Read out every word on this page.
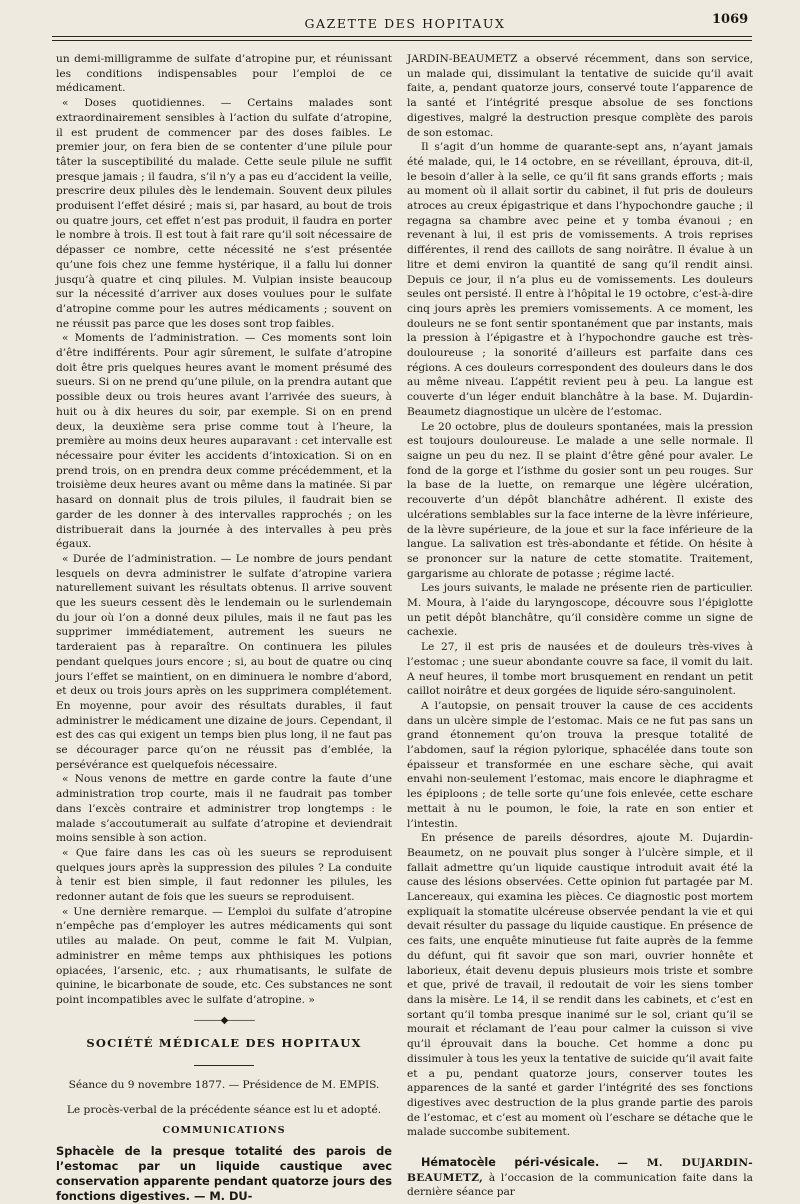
GAZETTE DES HOPITAUX	1069

un demi-milligramme de sulfate d’atropine pur, et réunissant les conditions indispensables pour l’emploi de ce médicament.

« Doses quotidiennes. — Certains malades sont extraordinairement sensibles à l’action du sulfate d’atropine, il est prudent de commencer par des doses faibles. Le premier jour, on fera bien de se contenter d’une pilule pour tâter la susceptibilité du malade. Cette seule pilule ne suffit presque jamais ; il faudra, s’il n’y a pas eu d’accident la veille, prescrire deux pilules dès le lendemain. Souvent deux pilules produisent l’effet désiré ; mais si, par hasard, au bout de trois ou quatre jours, cet effet n’est pas produit, il faudra en porter le nombre à trois. Il est tout à fait rare qu’il soit nécessaire de dépasser ce nombre, cette nécessité ne s’est présentée qu’une fois chez une femme hystérique, il a fallu lui donner jusqu’à quatre et cinq pilules. M. Vulpian insiste beaucoup sur la nécessité d’arriver aux doses voulues pour le sulfate d’atropine comme pour les autres médicaments ; souvent on ne réussit pas parce que les doses sont trop faibles.

« Moments de l’administration. — Ces moments sont loin d’être indifférents. Pour agir sûrement, le sulfate d’atropine doit être pris quelques heures avant le moment présumé des sueurs. Si on ne prend qu’une pilule, on la prendra autant que possible deux ou trois heures avant l’arrivée des sueurs, à huit ou à dix heures du soir, par exemple. Si on en prend deux, la deuxième sera prise comme tout à l’heure, la première au moins deux heures auparavant : cet intervalle est nécessaire pour éviter les accidents d’intoxication. Si on en prend trois, on en prendra deux comme précédemment, et la troisième deux heures avant ou même dans la matinée. Si par hasard on donnait plus de trois pilules, il faudrait bien se garder de les donner à des intervalles rapprochés ; on les distribuerait dans la journée à des intervalles à peu près égaux.

« Durée de l’administration. — Le nombre de jours pendant lesquels on devra administrer le sulfate d’atropine variera naturellement suivant les résultats obtenus. Il arrive souvent que les sueurs cessent dès le lendemain ou le surlendemain du jour où l’on a donné deux pilules, mais il ne faut pas les supprimer immédiatement, autrement les sueurs ne tarderaient pas à reparaître. On continuera les pilules pendant quelques jours encore ; si, au bout de quatre ou cinq jours l’effet se maintient, on en diminuera le nombre d’abord, et deux ou trois jours après on les supprimera complétement. En moyenne, pour avoir des résultats durables, il faut administrer le médicament une dizaine de jours. Cependant, il est des cas qui exigent un temps bien plus long, il ne faut pas se décourager parce qu’on ne réussit pas d’emblée, la persévérance est quelquefois nécessaire.

« Nous venons de mettre en garde contre la faute d’une administration trop courte, mais il ne faudrait pas tomber dans l’excès contraire et administrer trop longtemps : le malade s’accoutumerait au sulfate d’atropine et deviendrait moins sensible à son action.

« Que faire dans les cas où les sueurs se reproduisent quelques jours après la suppression des pilules ? La conduite à tenir est bien simple, il faut redonner les pilules, les redonner autant de fois que les sueurs se reproduisent.

« Une dernière remarque. — L’emploi du sulfate d’atropine n’empêche pas d’employer les autres médicaments qui sont utiles au malade. On peut, comme le fait M. Vulpian, administrer en même temps aux phthisiques les potions opiacées, l’arsenic, etc. ; aux rhumatisants, le sulfate de quinine, le bicarbonate de soude, etc. Ces substances ne sont point incompatibles avec le sulfate d’atropine. »

———◆———
SOCIÉTÉ MÉDICALE DES HOPITAUX

Séance du 9 novembre 1877. — Présidence de M. EMPIS.

Le procès-verbal de la précédente séance est lu et adopté.

COMMUNICATIONS
Sphacèle de la presque totalité des parois de l’estomac par un liquide caustique avec conservation apparente pendant quatorze jours des fonctions digestives. — M. DU-

JARDIN-BEAUMETZ a observé récemment, dans son service, un malade qui, dissimulant la tentative de suicide qu’il avait faite, a, pendant quatorze jours, conservé toute l’apparence de la santé et l’intégrité presque absolue de ses fonctions digestives, malgré la destruction presque complète des parois de son estomac.

Il s’agit d’un homme de quarante-sept ans, n’ayant jamais été malade, qui, le 14 octobre, en se réveillant, éprouva, dit-il, le besoin d’aller à la selle, ce qu’il fit sans grands efforts ; mais au moment où il allait sortir du cabinet, il fut pris de douleurs atroces au creux épigastrique et dans l’hypochondre gauche ; il regagna sa chambre avec peine et y tomba évanoui ; en revenant à lui, il est pris de vomissements. A trois reprises différentes, il rend des caillots de sang noirâtre. Il évalue à un litre et demi environ la quantité de sang qu’il rendit ainsi. Depuis ce jour, il n’a plus eu de vomissements. Les douleurs seules ont persisté. Il entre à l’hôpital le 19 octobre, c’est-à-dire cinq jours après les premiers vomissements. A ce moment, les douleurs ne se font sentir spontanément que par instants, mais la pression à l’épigastre et à l’hypochondre gauche est très-douloureuse ; la sonorité d’ailleurs est parfaite dans ces régions. A ces douleurs correspondent des douleurs dans le dos au même niveau. L’appétit revient peu à peu. La langue est couverte d’un léger enduit blanchâtre à la base. M. Dujardin-Beaumetz diagnostique un ulcère de l’estomac.

Le 20 octobre, plus de douleurs spontanées, mais la pression est toujours douloureuse. Le malade a une selle normale. Il saigne un peu du nez. Il se plaint d’être gêné pour avaler. Le fond de la gorge et l’isthme du gosier sont un peu rouges. Sur la base de la luette, on remarque une légère ulcération, recouverte d’un dépôt blanchâtre adhérent. Il existe des ulcérations semblables sur la face interne de la lèvre inférieure, de la lèvre supérieure, de la joue et sur la face inférieure de la langue. La salivation est très-abondante et fétide. On hésite à se prononcer sur la nature de cette stomatite. Traitement, gargarisme au chlorate de potasse ; régime lacté.

Les jours suivants, le malade ne présente rien de particulier. M. Moura, à l’aide du laryngoscope, découvre sous l’épiglotte un petit dépôt blanchâtre, qu’il considère comme un signe de cachexie.

Le 27, il est pris de nausées et de douleurs très-vives à l’estomac ; une sueur abondante couvre sa face, il vomit du lait. A neuf heures, il tombe mort brusquement en rendant un petit caillot noirâtre et deux gorgées de liquide séro-sanguinolent.

A l’autopsie, on pensait trouver la cause de ces accidents dans un ulcère simple de l’estomac. Mais ce ne fut pas sans un grand étonnement qu’on trouva la presque totalité de l’abdomen, sauf la région pylorique, sphacélée dans toute son épaisseur et transformée en une eschare sèche, qui avait envahi non-seulement l’estomac, mais encore le diaphragme et les épiploons ; de telle sorte qu’une fois enlevée, cette eschare mettait à nu le poumon, le foie, la rate en son entier et l’intestin.

En présence de pareils désordres, ajoute M. Dujardin-Beaumetz, on ne pouvait plus songer à l’ulcère simple, et il fallait admettre qu’un liquide caustique introduit avait été la cause des lésions observées. Cette opinion fut partagée par M. Lancereaux, qui examina les pièces. Ce diagnostic post mortem expliquait la stomatite ulcéreuse observée pendant la vie et qui devait résulter du passage du liquide caustique. En présence de ces faits, une enquête minutieuse fut faite auprès de la femme du défunt, qui fit savoir que son mari, ouvrier honnête et laborieux, était devenu depuis plusieurs mois triste et sombre et que, privé de travail, il redoutait de voir les siens tomber dans la misère. Le 14, il se rendit dans les cabinets, et c’est en sortant qu’il tomba presque inanimé sur le sol, criant qu’il se mourait et réclamant de l’eau pour calmer la cuisson si vive qu’il éprouvait dans la bouche. Cet homme a donc pu dissimuler à tous les yeux la tentative de suicide qu’il avait faite et a pu, pendant quatorze jours, conserver toutes les apparences de la santé et garder l’intégrité des ses fonctions digestives avec destruction de la plus grande partie des parois de l’estomac, et c’est au moment où l’eschare se détache que le malade succombe subitement.

Hématocèle péri-vésicale. — M. DUJARDIN-BEAUMETZ, à l’occasion de la communication faite dans la dernière séance par
